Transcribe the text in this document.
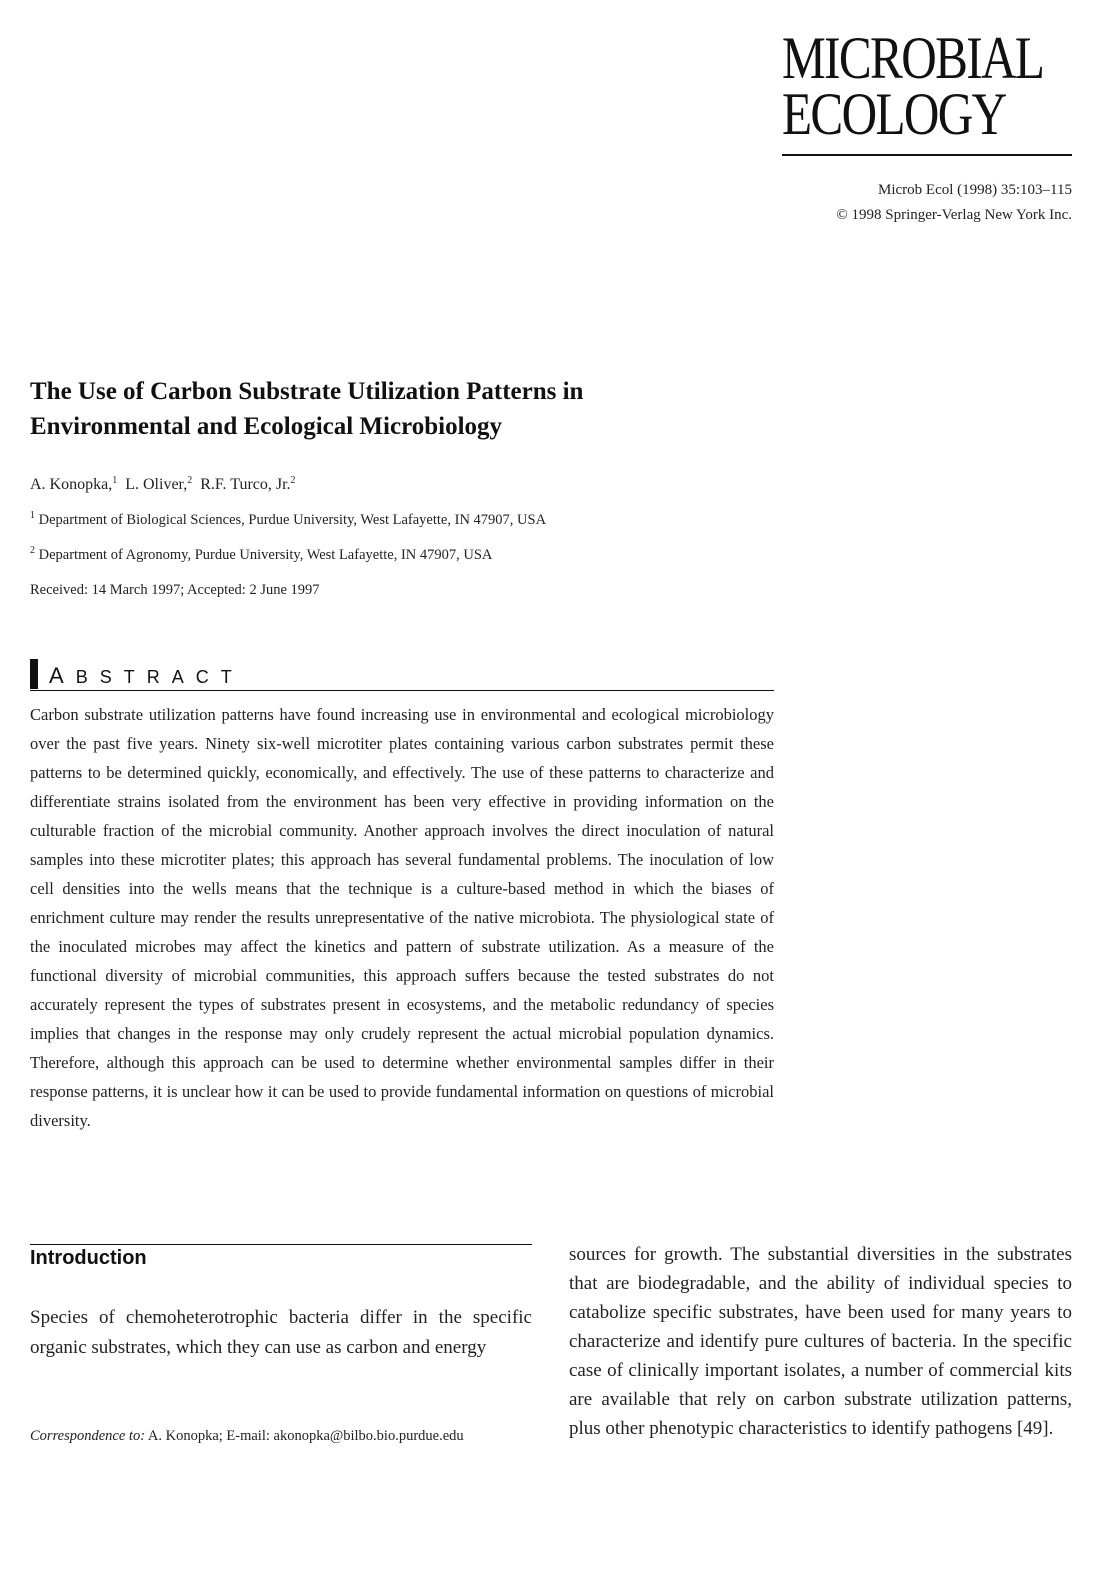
MICROBIAL
ECOLOGY
Microb Ecol (1998) 35:103–115
© 1998 Springer-Verlag New York Inc.
The Use of Carbon Substrate Utilization Patterns in
Environmental and Ecological Microbiology
A. Konopka,$^1$ L. Oliver,$^2$ R.F. Turco, Jr.$^2$
$^1$ Department of Biological Sciences, Purdue University, West Lafayette, IN 47907, USA
$^2$ Department of Agronomy, Purdue University, West Lafayette, IN 47907, USA
Received: 14 March 1997; Accepted: 2 June 1997
ABSTRACT
Carbon substrate utilization patterns have found increasing use in environmental and ecological microbiology over the past five years. Ninety six-well microtiter plates containing various carbon substrates permit these patterns to be determined quickly, economically, and effectively. The use of these patterns to characterize and differentiate strains isolated from the environment has been very effective in providing information on the culturable fraction of the microbial community. Another approach involves the direct inoculation of natural samples into these microtiter plates; this approach has several fundamental problems. The inoculation of low cell densities into the wells means that the technique is a culture-based method in which the biases of enrichment culture may render the results unrepresentative of the native microbiota. The physiological state of the inoculated microbes may affect the kinetics and pattern of substrate utilization. As a measure of the functional diversity of microbial communities, this approach suffers because the tested substrates do not accurately represent the types of substrates present in ecosystems, and the metabolic redundancy of species implies that changes in the response may only crudely represent the actual microbial population dynamics. Therefore, although this approach can be used to determine whether environmental samples differ in their response patterns, it is unclear how it can be used to provide fundamental information on questions of microbial diversity.
Introduction
Species of chemoheterotrophic bacteria differ in the specific organic substrates, which they can use as carbon and energy
Correspondence to: A. Konopka; E-mail: akonopka@bilbo.bio.purdue.edu
sources for growth. The substantial diversities in the substrates that are biodegradable, and the ability of individual species to catabolize specific substrates, have been used for many years to characterize and identify pure cultures of bacteria. In the specific case of clinically important isolates, a number of commercial kits are available that rely on carbon substrate utilization patterns, plus other phenotypic characteristics to identify pathogens [49].
